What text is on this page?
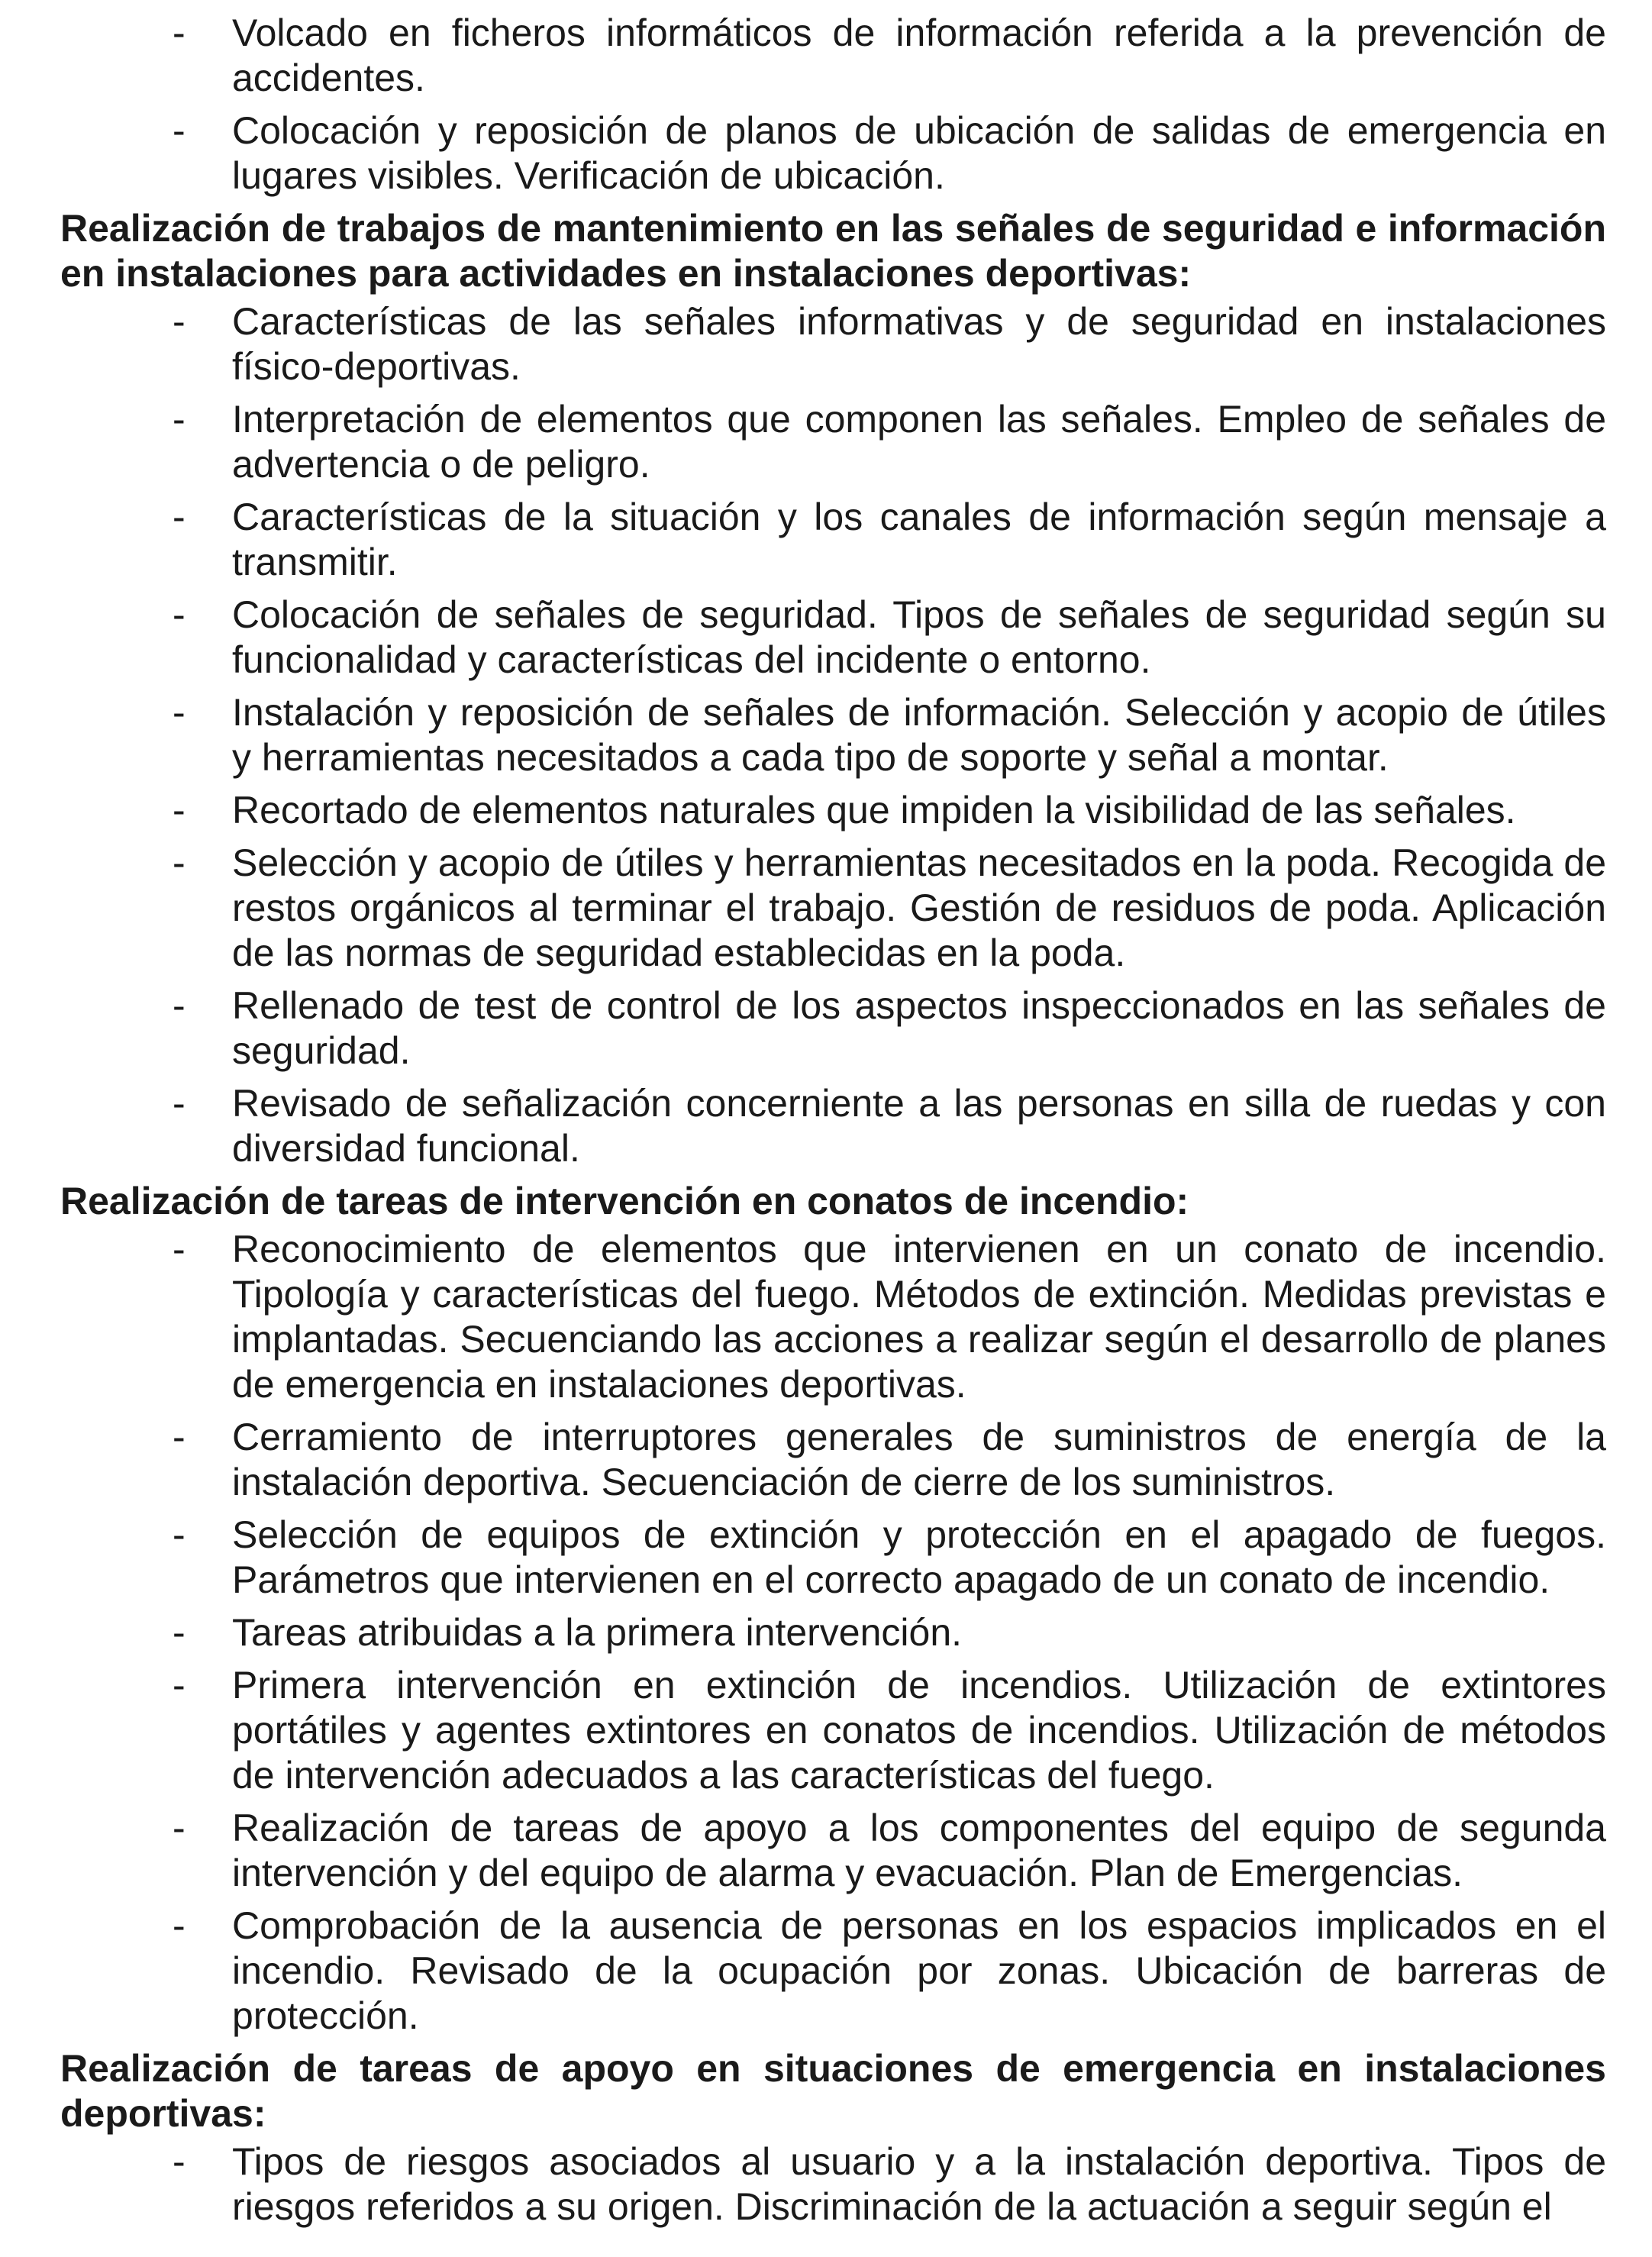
- Volcado en ficheros informáticos de información referida a la prevención de accidentes.
- Colocación y reposición de planos de ubicación de salidas de emergencia en lugares visibles. Verificación de ubicación.
Realización de trabajos de mantenimiento en las señales de seguridad e información en instalaciones para actividades en instalaciones deportivas:
- Características de las señales informativas y de seguridad en instalaciones físico-deportivas.
- Interpretación de elementos que componen las señales. Empleo de señales de advertencia o de peligro.
- Características de la situación y los canales de información según mensaje a transmitir.
- Colocación de señales de seguridad. Tipos de señales de seguridad según su funcionalidad y características del incidente o entorno.
- Instalación y reposición de señales de información. Selección y acopio de útiles y herramientas necesitados a cada tipo de soporte y señal a montar.
- Recortado de elementos naturales que impiden la visibilidad de las señales.
- Selección y acopio de útiles y herramientas necesitados en la poda. Recogida de restos orgánicos al terminar el trabajo. Gestión de residuos de poda. Aplicación de las normas de seguridad establecidas en la poda.
- Rellenado de test de control de los aspectos inspeccionados en las señales de seguridad.
- Revisado de señalización concerniente a las personas en silla de ruedas y con diversidad funcional.
Realización de tareas de intervención en conatos de incendio:
- Reconocimiento de elementos que intervienen en un conato de incendio. Tipología y características del fuego. Métodos de extinción. Medidas previstas e implantadas. Secuenciando las acciones a realizar según el desarrollo de planes de emergencia en instalaciones deportivas.
- Cerramiento de interruptores generales de suministros de energía de la instalación deportiva. Secuenciación de cierre de los suministros.
- Selección de equipos de extinción y protección en el apagado de fuegos. Parámetros que intervienen en el correcto apagado de un conato de incendio.
- Tareas atribuidas a la primera intervención.
- Primera intervención en extinción de incendios. Utilización de extintores portátiles y agentes extintores en conatos de incendios. Utilización de métodos de intervención adecuados a las características del fuego.
- Realización de tareas de apoyo a los componentes del equipo de segunda intervención y del equipo de alarma y evacuación. Plan de Emergencias.
- Comprobación de la ausencia de personas en los espacios implicados en el incendio. Revisado de la ocupación por zonas. Ubicación de barreras de protección.
Realización de tareas de apoyo en situaciones de emergencia en instalaciones deportivas:
- Tipos de riesgos asociados al usuario y a la instalación deportiva. Tipos de riesgos referidos a su origen. Discriminación de la actuación a seguir según el
